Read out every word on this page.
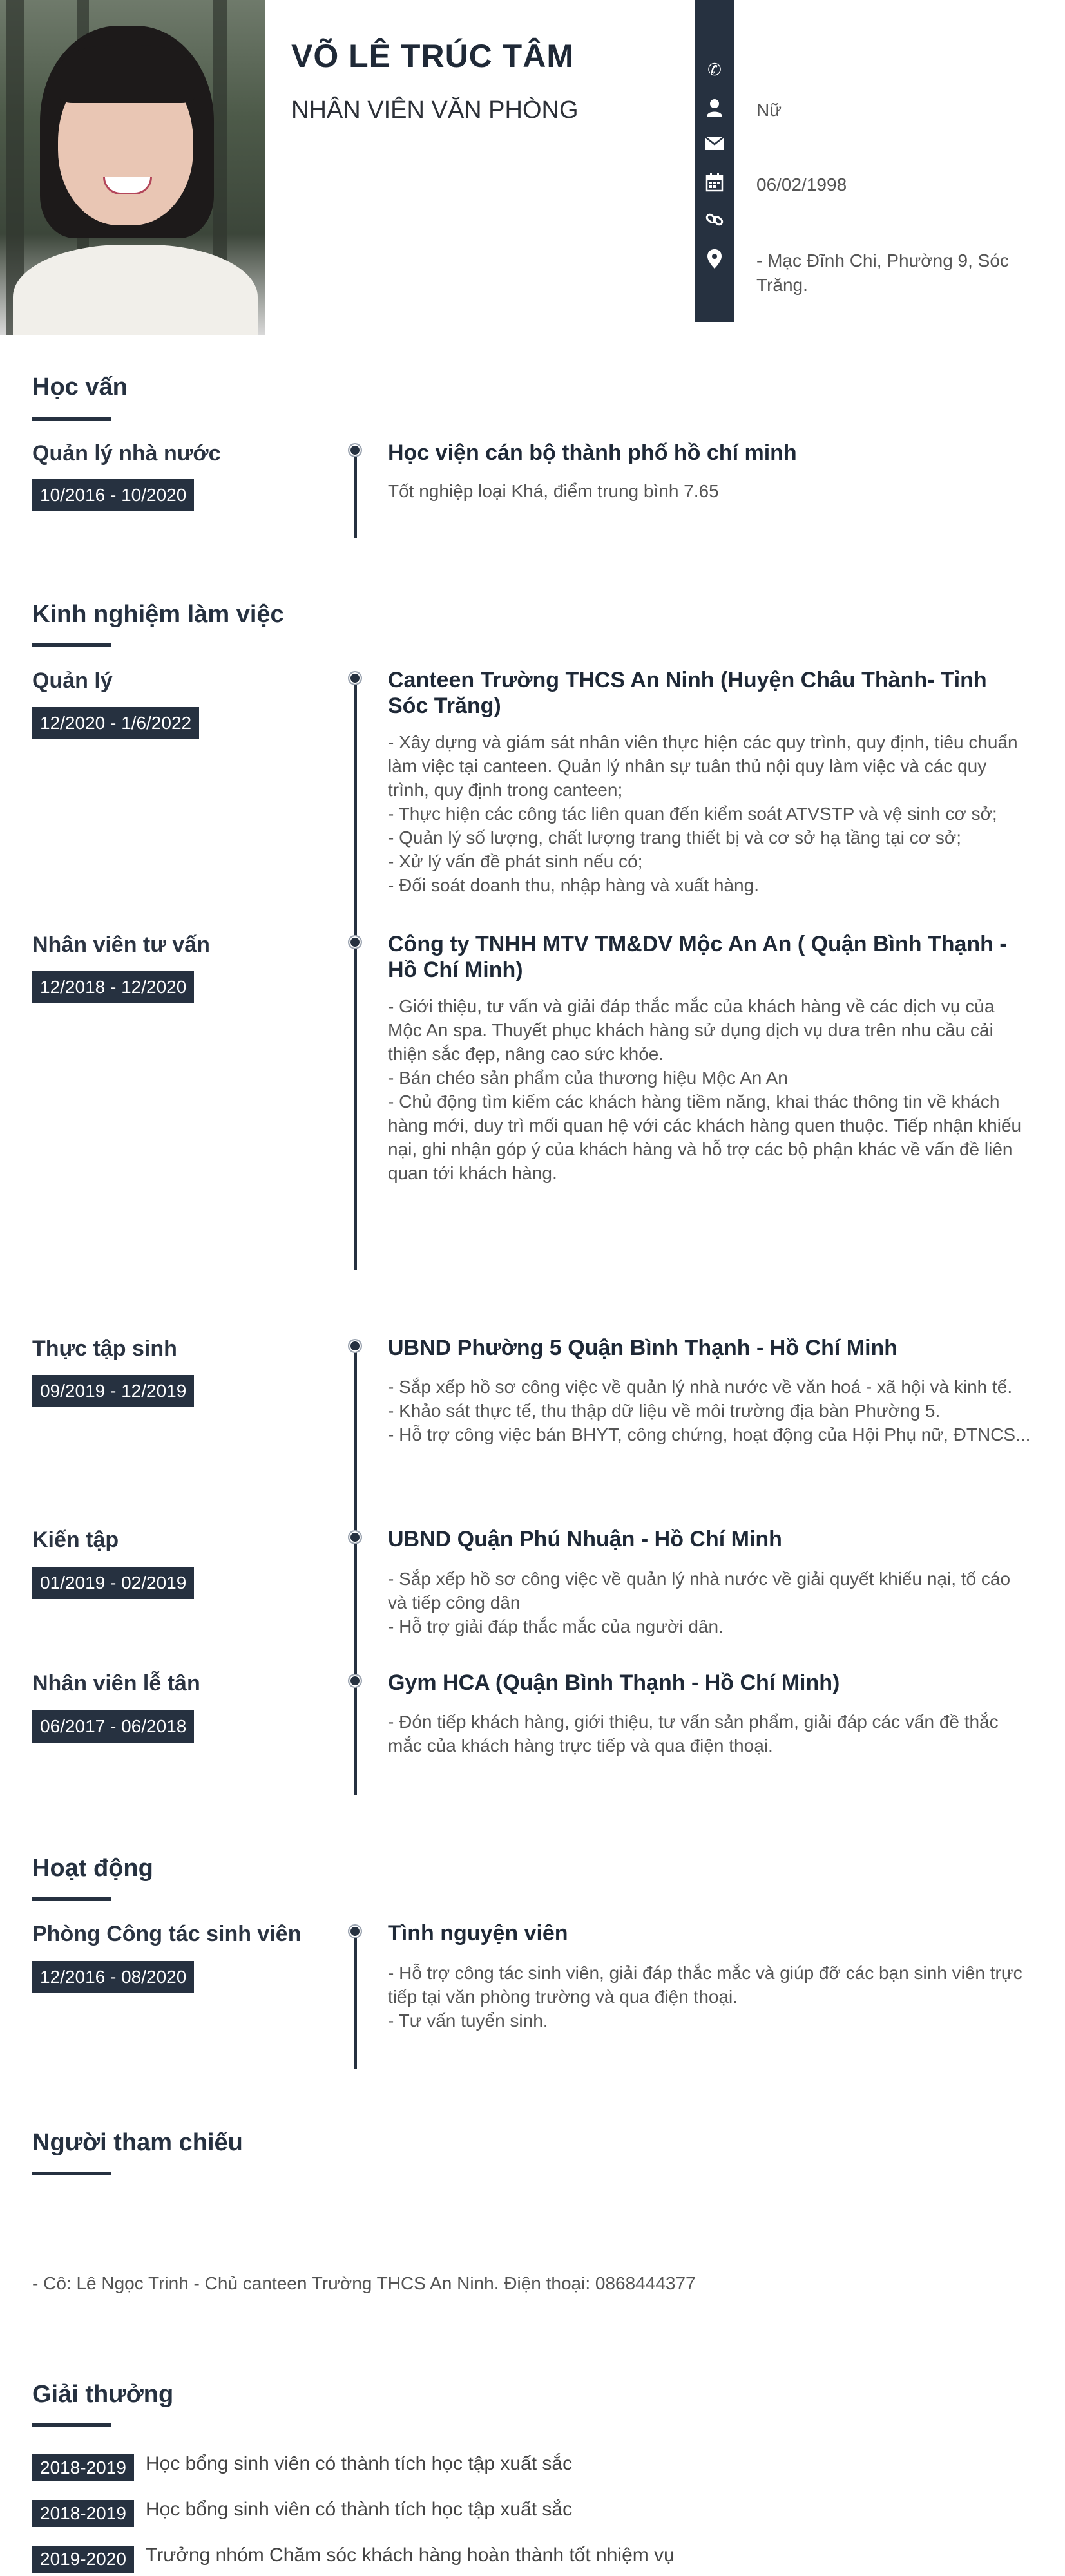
VÕ LÊ TRÚC TÂM
NHÂN VIÊN VĂN PHÒNG
✆
Nữ
06/02/1998
- Mạc Đĩnh Chi, Phường 9, Sóc Trăng.
Học vấn
Quản lý nhà nước
10/2016 - 10/2020
Học viện cán bộ thành phố hồ chí minh
Tốt nghiệp loại Khá, điểm trung bình 7.65
Kinh nghiệm làm việc
Quản lý
12/2020 - 1/6/2022
Canteen Trường THCS An Ninh (Huyện Châu Thành- Tỉnh Sóc Trăng)
- Xây dựng và giám sát nhân viên thực hiện các quy trình, quy định, tiêu chuẩn làm việc tại canteen. Quản lý nhân sự tuân thủ nội quy làm việc và các quy trình, quy định trong canteen;
- Thực hiện các công tác liên quan đến kiểm soát ATVSTP và vệ sinh cơ sở;
- Quản lý số lượng, chất lượng trang thiết bị và cơ sở hạ tầng tại cơ sở;
- Xử lý vấn đề phát sinh nếu có;
- Đối soát doanh thu, nhập hàng và xuất hàng.
Nhân viên tư vấn
12/2018 - 12/2020
Công ty TNHH MTV TM&DV Mộc An An ( Quận Bình Thạnh - Hồ Chí Minh)
- Giới thiệu, tư vấn và giải đáp thắc mắc của khách hàng về các dịch vụ của Mộc An spa. Thuyết phục khách hàng sử dụng dịch vụ dưa trên nhu cầu cải thiện sắc đẹp, nâng cao sức khỏe.
- Bán chéo sản phẩm của thương hiệu Mộc An An
- Chủ động tìm kiếm các khách hàng tiềm năng, khai thác thông tin về khách hàng mới, duy trì mối quan hệ với các khách hàng quen thuộc. Tiếp nhận khiếu nại, ghi nhận góp ý của khách hàng và hỗ trợ các bộ phận khác về vấn đề liên quan tới khách hàng.
Thực tập sinh
09/2019 - 12/2019
UBND Phường 5 Quận Bình Thạnh - Hồ Chí Minh
- Sắp xếp hồ sơ công việc về quản lý nhà nước về văn hoá - xã hội và kinh tế.
- Khảo sát thực tế, thu thập dữ liệu về môi trường địa bàn Phường 5.
- Hỗ trợ công việc bán BHYT, công chứng, hoạt động của Hội Phụ nữ, ĐTNCS...
Kiến tập
01/2019 - 02/2019
UBND Quận Phú Nhuận - Hồ Chí Minh
- Sắp xếp hồ sơ công việc về quản lý nhà nước về giải quyết khiếu nại, tố cáo và tiếp công dân
- Hỗ trợ giải đáp thắc mắc của người dân.
Nhân viên lễ tân
06/2017 - 06/2018
Gym HCA (Quận Bình Thạnh - Hồ Chí Minh)
- Đón tiếp khách hàng, giới thiệu, tư vấn sản phẩm, giải đáp các vấn đề thắc mắc của khách hàng trực tiếp và qua điện thoại.
Hoạt động
Phòng Công tác sinh viên
12/2016 - 08/2020
Tình nguyện viên
- Hỗ trợ công tác sinh viên, giải đáp thắc mắc và giúp đỡ các bạn sinh viên trực tiếp tại văn phòng trường và qua điện thoại.
- Tư vấn tuyển sinh.
Người tham chiếu
- Cô: Lê Ngọc Trinh - Chủ canteen Trường THCS An Ninh. Điện thoại: 0868444377
Giải thưởng
2018-2019	Học bổng sinh viên có thành tích học tập xuất sắc
2018-2019	Học bổng sinh viên có thành tích học tập xuất sắc
2019-2020	Trưởng nhóm Chăm sóc khách hàng hoàn thành tốt nhiệm vụ
